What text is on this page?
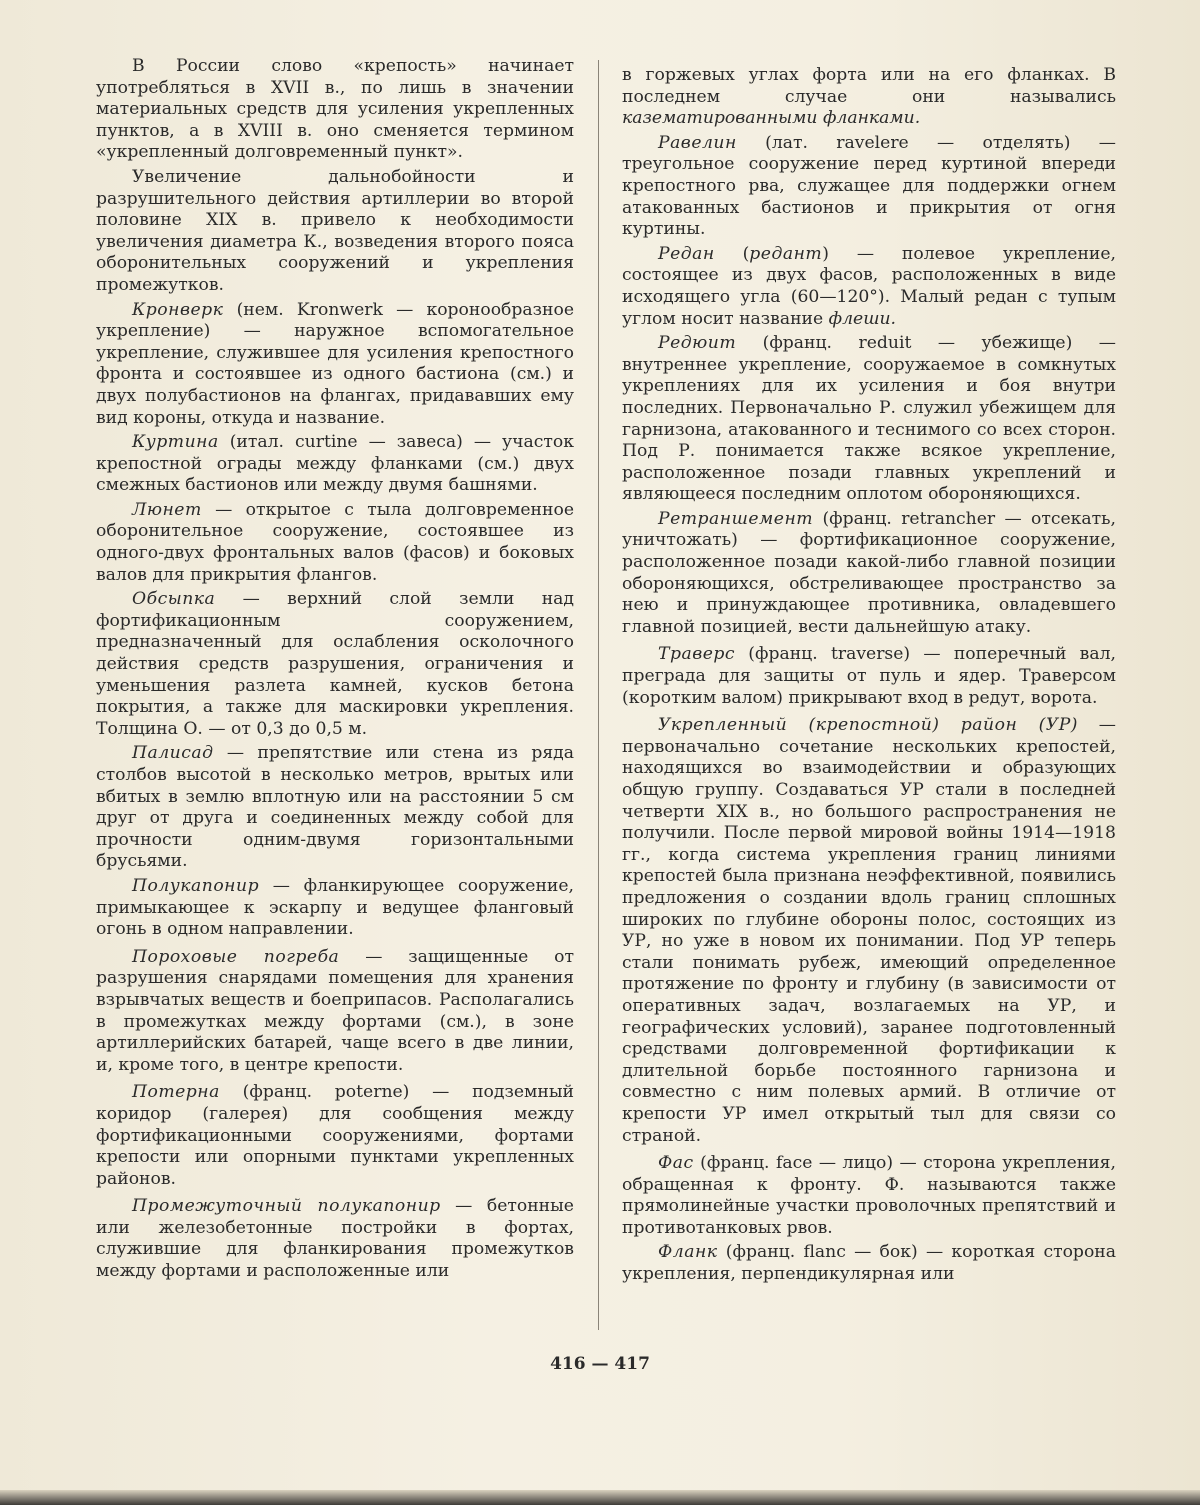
В России слово «крепость» начинает употребляться в XVII в., по лишь в значении материальных средств для усиления укрепленных пунктов, а в XVIII в. оно сменяется термином «укрепленный долговременный пункт».

Увеличение дальнобойности и разрушительного действия артиллерии во второй половине XIX в. привело к необходимости увеличения диаметра К., возведения второго пояса оборонительных сооружений и укрепления промежутков.

Кронверк (нем. Kronwerk — коронообразное укрепление) — наружное вспомогательное укрепление, служившее для усиления крепостного фронта и состоявшее из одного бастиона (см.) и двух полубастионов на флангах, придававших ему вид короны, откуда и название.

Куртина (итал. curtine — завеса) — участок крепостной ограды между фланками (см.) двух смежных бастионов или между двумя башнями.

Люнет — открытое с тыла долговременное оборонительное сооружение, состоявшее из одного-двух фронтальных валов (фасов) и боковых валов для прикрытия флангов.

Обсыпка — верхний слой земли над фортификационным сооружением, предназначенный для ослабления осколочного действия средств разрушения, ограничения и уменьшения разлета камней, кусков бетона покрытия, а также для маскировки укрепления. Толщина О. — от 0,3 до 0,5 м.

Палисад — препятствие или стена из ряда столбов высотой в несколько метров, врытых или вбитых в землю вплотную или на расстоянии 5 см друг от друга и соединенных между собой для прочности одним-двумя горизонтальными брусьями.

Полукапонир — фланкирующее сооружение, примыкающее к эскарпу и ведущее фланговый огонь в одном направлении.

Пороховые погреба — защищенные от разрушения снарядами помещения для хранения взрывчатых веществ и боеприпасов. Располагались в промежутках между фортами (см.), в зоне артиллерийских батарей, чаще всего в две линии, и, кроме того, в центре крепости.

Потерна (франц. poterne) — подземный коридор (галерея) для сообщения между фортификационными сооружениями, фортами крепости или опорными пунктами укрепленных районов.

Промежуточный полукапонир — бетонные или железобетонные постройки в фортах, служившие для фланкирования промежутков между фортами и расположенные или

в горжевых углах форта или на его фланках. В последнем случае они назывались казематированными фланками.

Равелин (лат. ravelere — отделять) — треугольное сооружение перед куртиной впереди крепостного рва, служащее для поддержки огнем атакованных бастионов и прикрытия от огня куртины.

Редан (редант) — полевое укрепление, состоящее из двух фасов, расположенных в виде исходящего угла (60—120°). Малый редан с тупым углом носит название флеши.

Редюит (франц. reduit — убежище) — внутреннее укрепление, сооружаемое в сомкнутых укреплениях для их усиления и боя внутри последних. Первоначально Р. служил убежищем для гарнизона, атакованного и теснимого со всех сторон. Под Р. понимается также всякое укрепление, расположенное позади главных укреплений и являющееся последним оплотом обороняющихся.

Ретраншемент (франц. retrancher — отсекать, уничтожать) — фортификационное сооружение, расположенное позади какой-либо главной позиции обороняющихся, обстреливающее пространство за нею и принуждающее противника, овладевшего главной позицией, вести дальнейшую атаку.

Траверс (франц. traverse) — поперечный вал, преграда для защиты от пуль и ядер. Траверсом (коротким валом) прикрывают вход в редут, ворота.

Укрепленный (крепостной) район (УР) — первоначально сочетание нескольких крепостей, находящихся во взаимодействии и образующих общую группу. Создаваться УР стали в последней четверти XIX в., но большого распространения не получили. После первой мировой войны 1914—1918 гг., когда система укрепления границ линиями крепостей была признана неэффективной, появились предложения о создании вдоль границ сплошных широких по глубине обороны полос, состоящих из УР, но уже в новом их понимании. Под УР теперь стали понимать рубеж, имеющий определенное протяжение по фронту и глубину (в зависимости от оперативных задач, возлагаемых на УР, и географических условий), заранее подготовленный средствами долговременной фортификации к длительной борьбе постоянного гарнизона и совместно с ним полевых армий. В отличие от крепости УР имел открытый тыл для связи со страной.

Фас (франц. face — лицо) — сторона укрепления, обращенная к фронту. Ф. называются также прямолинейные участки проволочных препятствий и противотанковых рвов.

Фланк (франц. flanc — бок) — короткая сторона укрепления, перпендикулярная или

416 — 417
